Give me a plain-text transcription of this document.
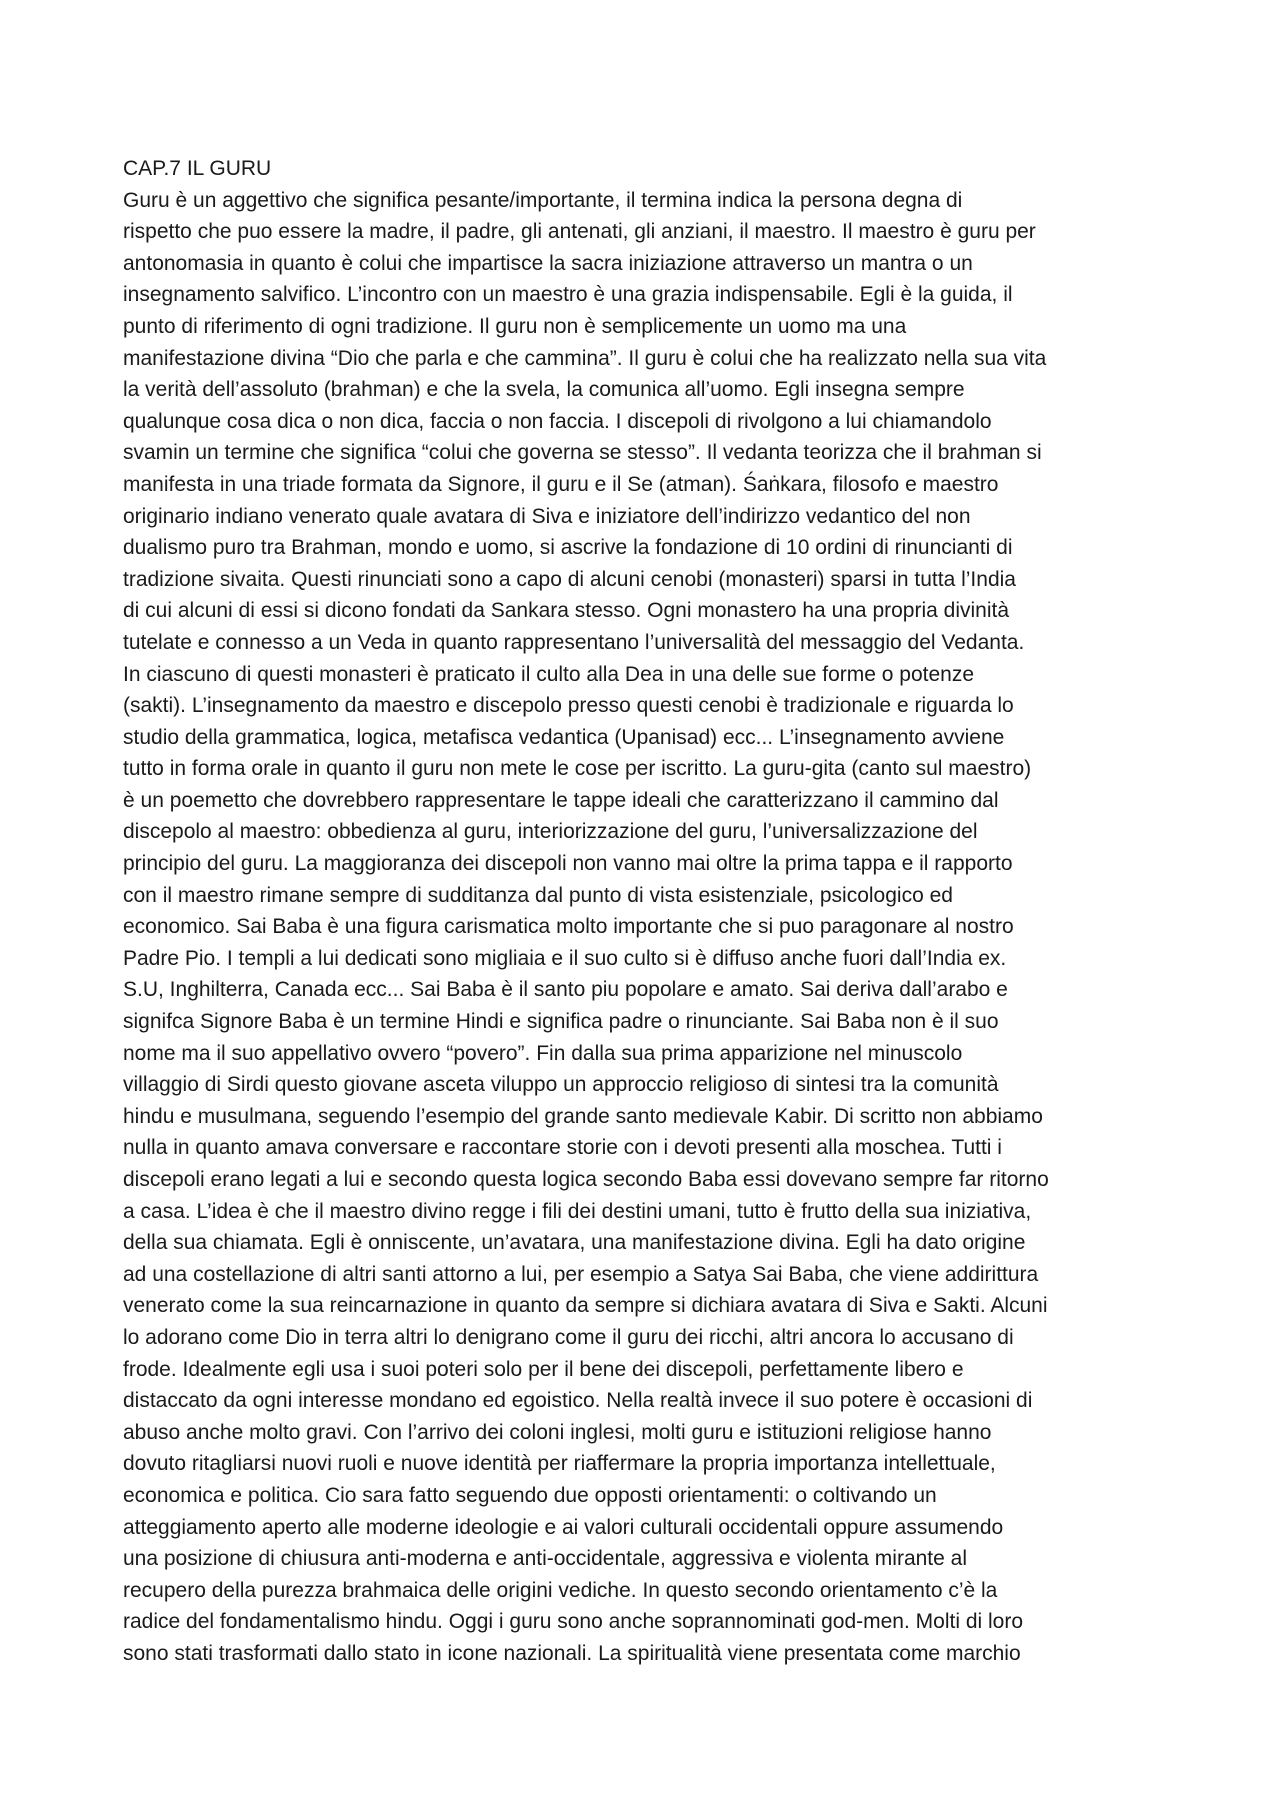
CAP.7 IL GURU
Guru è un aggettivo che significa pesante/importante, il termina indica la persona degna di
rispetto che puo essere la madre, il padre, gli antenati, gli anziani, il maestro. Il maestro è guru per
antonomasia in quanto è colui che impartisce la sacra iniziazione attraverso un mantra o un
insegnamento salvifico. L’incontro con un maestro è una grazia indispensabile. Egli è la guida, il
punto di riferimento di ogni tradizione. Il guru non è semplicemente un uomo ma una
manifestazione divina “Dio che parla e che cammina”. Il guru è colui che ha realizzato nella sua vita
la verità dell’assoluto (brahman) e che la svela, la comunica all’uomo. Egli insegna sempre
qualunque cosa dica o non dica, faccia o non faccia. I discepoli di rivolgono a lui chiamandolo
svamin un termine che significa “colui che governa se stesso”. Il vedanta teorizza che il brahman si
manifesta in una triade formata da Signore, il guru e il Se (atman). Śaṅkara, filosofo e maestro
originario indiano venerato quale avatara di Siva e iniziatore dell’indirizzo vedantico del non
dualismo puro tra Brahman, mondo e uomo, si ascrive la fondazione di 10 ordini di rinuncianti di
tradizione sivaita. Questi rinunciati sono a capo di alcuni cenobi (monasteri) sparsi in tutta l’India
di cui alcuni di essi si dicono fondati da Sankara stesso. Ogni monastero ha una propria divinità
tutelate e connesso a un Veda in quanto rappresentano l’universalità del messaggio del Vedanta.
In ciascuno di questi monasteri è praticato il culto alla Dea in una delle sue forme o potenze
(sakti). L’insegnamento da maestro e discepolo presso questi cenobi è tradizionale e riguarda lo
studio della grammatica, logica, metafisca vedantica (Upanisad) ecc... L’insegnamento avviene
tutto in forma orale in quanto il guru non mete le cose per iscritto. La guru-gita (canto sul maestro)
è un poemetto che dovrebbero rappresentare le tappe ideali che caratterizzano il cammino dal
discepolo al maestro: obbedienza al guru, interiorizzazione del guru, l’universalizzazione del
principio del guru. La maggioranza dei discepoli non vanno mai oltre la prima tappa e il rapporto
con il maestro rimane sempre di sudditanza dal punto di vista esistenziale, psicologico ed
economico. Sai Baba è una figura carismatica molto importante che si puo paragonare al nostro
Padre Pio. I templi a lui dedicati sono migliaia e il suo culto si è diffuso anche fuori dall’India ex.
S.U, Inghilterra, Canada ecc... Sai Baba è il santo piu popolare e amato. Sai deriva dall’arabo e
signifca Signore Baba è un termine Hindi e significa padre o rinunciante. Sai Baba non è il suo
nome ma il suo appellativo ovvero “povero”. Fin dalla sua prima apparizione nel minuscolo
villaggio di Sirdi questo giovane asceta viluppo un approccio religioso di sintesi tra la comunità
hindu e musulmana, seguendo l’esempio del grande santo medievale Kabir. Di scritto non abbiamo
nulla in quanto amava conversare e raccontare storie con i devoti presenti alla moschea. Tutti i
discepoli erano legati a lui e secondo questa logica secondo Baba essi dovevano sempre far ritorno
a casa. L’idea è che il maestro divino regge i fili dei destini umani, tutto è frutto della sua iniziativa,
della sua chiamata. Egli è onniscente, un’avatara, una manifestazione divina. Egli ha dato origine
ad una costellazione di altri santi attorno a lui, per esempio a Satya Sai Baba, che viene addirittura
venerato come la sua reincarnazione in quanto da sempre si dichiara avatara di Siva e Sakti. Alcuni
lo adorano come Dio in terra altri lo denigrano come il guru dei ricchi, altri ancora lo accusano di
frode. Idealmente egli usa i suoi poteri solo per il bene dei discepoli, perfettamente libero e
distaccato da ogni interesse mondano ed egoistico. Nella realtà invece il suo potere è occasioni di
abuso anche molto gravi. Con l’arrivo dei coloni inglesi, molti guru e istituzioni religiose hanno
dovuto ritagliarsi nuovi ruoli e nuove identità per riaffermare la propria importanza intellettuale,
economica e politica. Cio sara fatto seguendo due opposti orientamenti: o coltivando un
atteggiamento aperto alle moderne ideologie e ai valori culturali occidentali oppure assumendo
una posizione di chiusura anti-moderna e anti-occidentale, aggressiva e violenta mirante al
recupero della purezza brahmaica delle origini vediche. In questo secondo orientamento c’è la
radice del fondamentalismo hindu. Oggi i guru sono anche soprannominati god-men. Molti di loro
sono stati trasformati dallo stato in icone nazionali. La spiritualità viene presentata come marchio
